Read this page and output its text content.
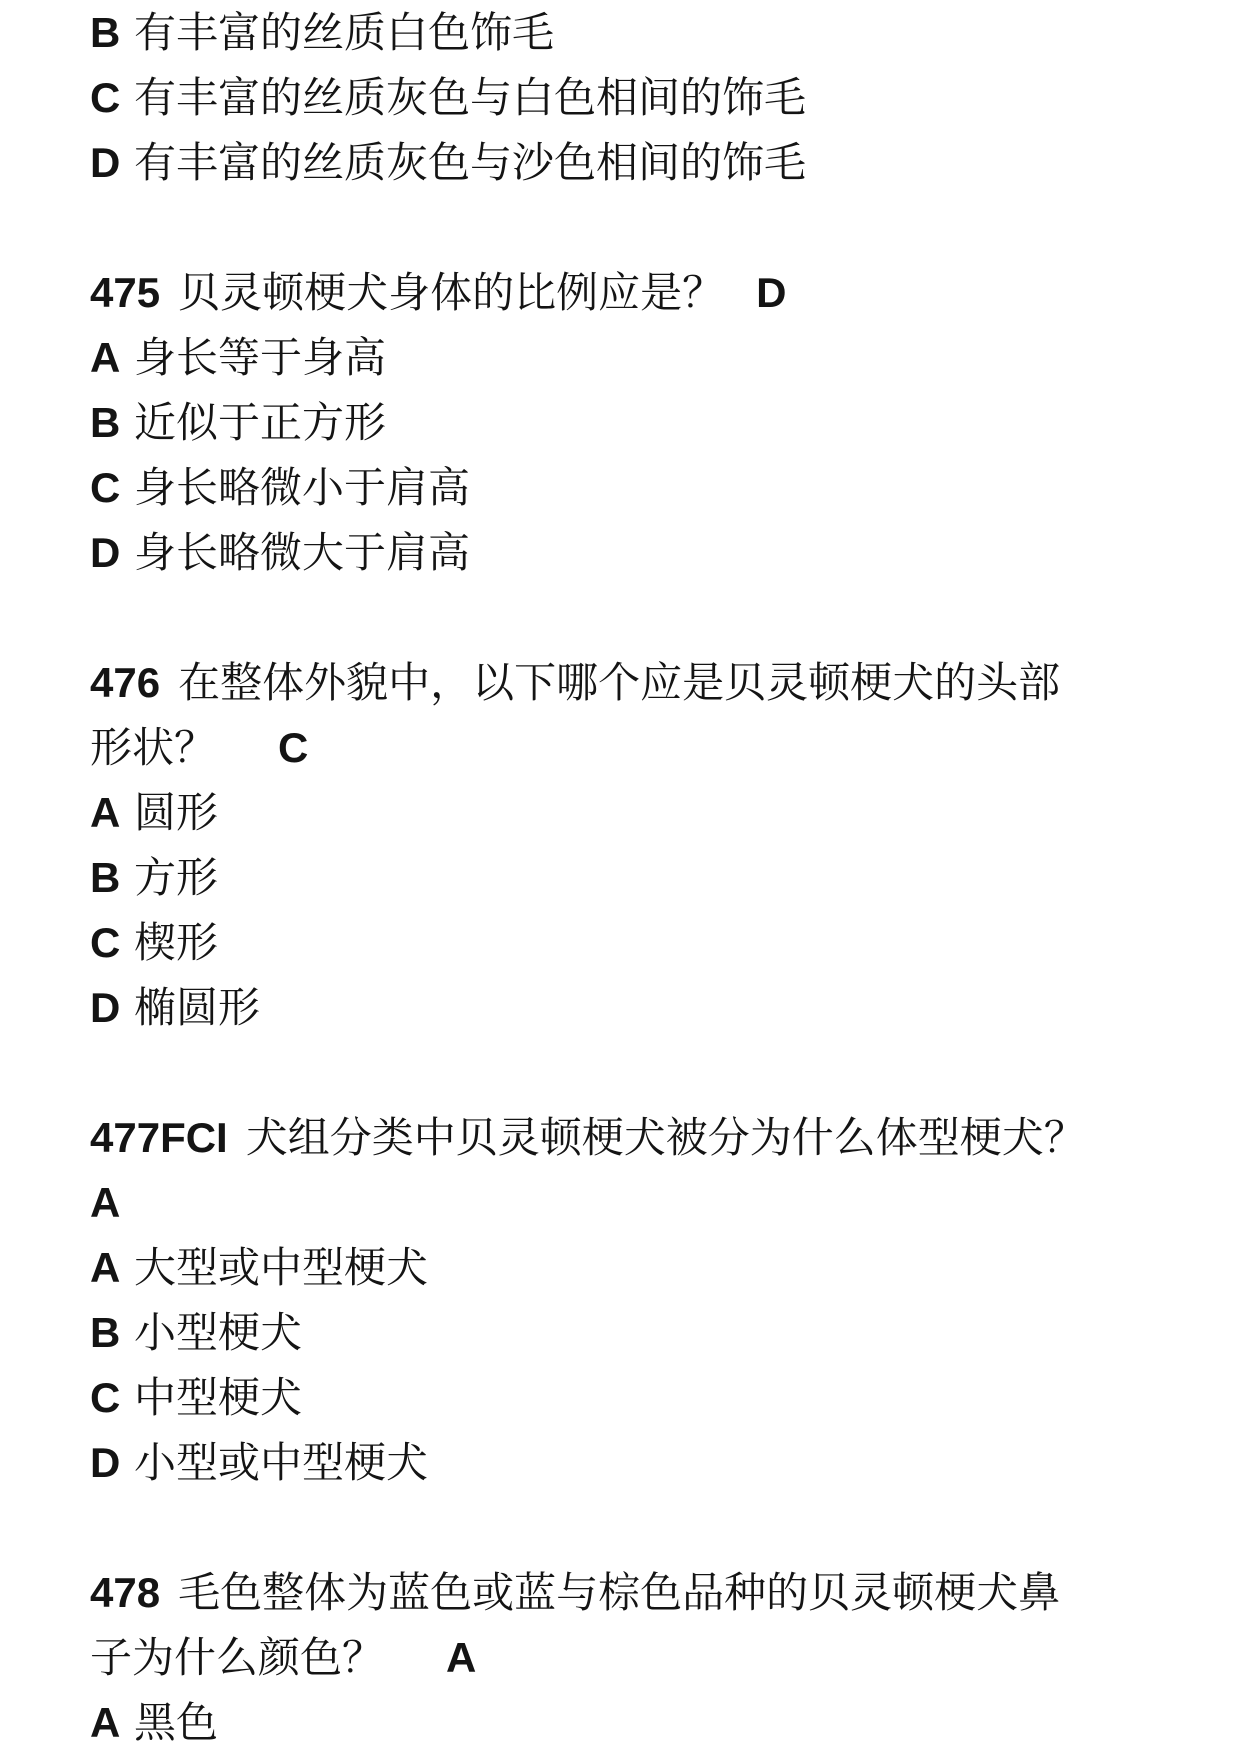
B 有丰富的丝质白色饰毛
C 有丰富的丝质灰色与白色相间的饰毛
D 有丰富的丝质灰色与沙色相间的饰毛
475 贝灵顿梗犬身体的比例应是？ D
A 身长等于身高
B 近似于正方形
C 身长略微小于肩高
D 身长略微大于肩高
476 在整体外貌中，以下哪个应是贝灵顿梗犬的头部
形状？ C
A 圆形
B 方形
C 楔形
D 椭圆形
477FCI 犬组分类中贝灵顿梗犬被分为什么体型梗犬？
A
A 大型或中型梗犬
B 小型梗犬
C 中型梗犬
D 小型或中型梗犬
478 毛色整体为蓝色或蓝与棕色品种的贝灵顿梗犬鼻
子为什么颜色？ A
A 黑色
